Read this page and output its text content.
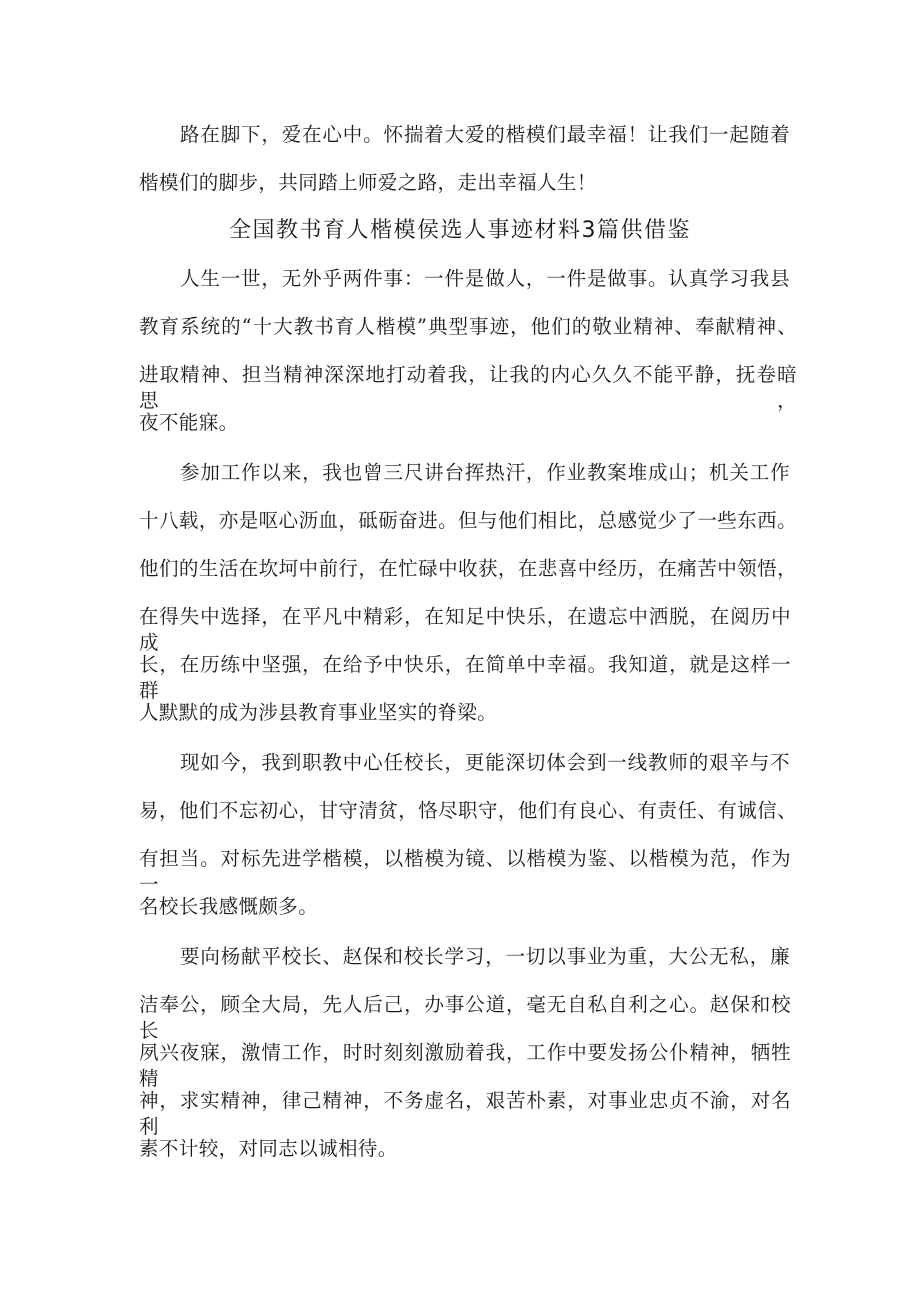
路在脚下，爱在心中。怀揣着大爱的楷模们最幸福！让我们一起随着
楷模们的脚步，共同踏上师爱之路，走出幸福人生！
全国教书育人楷模侯选人事迹材料3篇供借鉴
人生一世，无外乎两件事：一件是做人，一件是做事。认真学习我县
教育系统的“十大教书育人楷模”典型事迹，他们的敬业精神、奉献精神、
进取精神、担当精神深深地打动着我，让我的内心久久不能平静，抚卷暗思，
夜不能寐。
参加工作以来，我也曾三尺讲台挥热汗，作业教案堆成山；机关工作
十八载，亦是呕心沥血，砥砺奋进。但与他们相比，总感觉少了一些东西。
他们的生活在坎坷中前行，在忙碌中收获，在悲喜中经历，在痛苦中领悟，
在得失中选择，在平凡中精彩，在知足中快乐，在遗忘中洒脱，在阅历中成
长，在历练中坚强，在给予中快乐，在简单中幸福。我知道，就是这样一群
人默默的成为涉县教育事业坚实的脊梁。
现如今，我到职教中心任校长，更能深切体会到一线教师的艰辛与不
易，他们不忘初心，甘守清贫，恪尽职守，他们有良心、有责任、有诚信、
有担当。对标先进学楷模，以楷模为镜、以楷模为鉴、以楷模为范，作为一
名校长我感慨颇多。
要向杨献平校长、赵保和校长学习，一切以事业为重，大公无私，廉
洁奉公，顾全大局，先人后己，办事公道，毫无自私自利之心。赵保和校长
夙兴夜寐，激情工作，时时刻刻激励着我，工作中要发扬公仆精神，牺牲精
神，求实精神，律己精神，不务虚名，艰苦朴素，对事业忠贞不渝，对名利
素不计较，对同志以诚相待。
